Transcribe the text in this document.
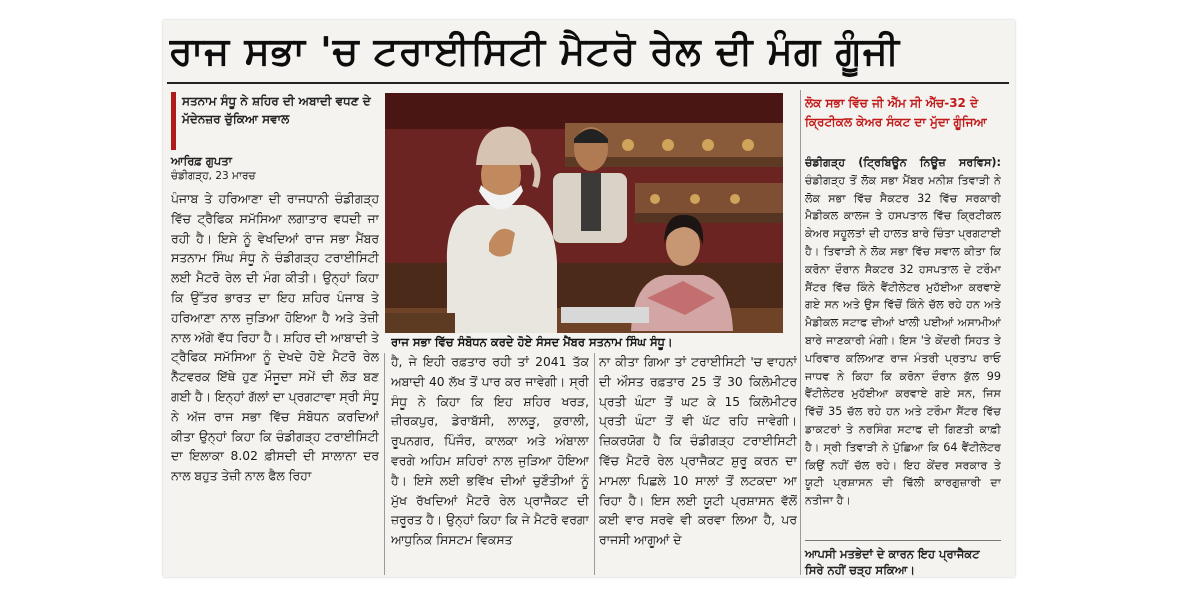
ਰਾਜ ਸਭਾ 'ਚ ਟਰਾਈਸਿਟੀ ਮੈਟਰੋ ਰੇਲ ਦੀ ਮੰਗ ਗੂੰਜੀ
ਸਤਨਾਮ ਸੰਧੂ ਨੇ ਸ਼ਹਿਰ ਦੀ ਅਬਾਦੀ ਵਧਣ ਦੇ ਮੱਦੇਨਜ਼ਰ ਚੁੱਕਿਆ ਸਵਾਲ
ਆਰਿਫ਼ ਗੁਪਤਾ
ਚੰਡੀਗੜ੍ਹ, 23 ਮਾਰਚ
ਪੰਜਾਬ ਤੇ ਹਰਿਆਣਾ ਦੀ ਰਾਜਧਾਨੀ ਚੰਡੀਗੜ੍ਹ ਵਿੱਚ ਟ੍ਰੈਫਿਕ ਸਮੱਸਿਆ ਲਗਾਤਾਰ ਵਧਦੀ ਜਾ ਰਹੀ ਹੈ। ਇਸੇ ਨੂੰ ਵੇਖਦਿਆਂ ਰਾਜ ਸਭਾ ਮੈਂਬਰ ਸਤਨਾਮ ਸਿੰਘ ਸੰਧੂ ਨੇ ਚੰਡੀਗੜ੍ਹ ਟਰਾਈਸਿਟੀ ਲਈ ਮੈਟਰੋ ਰੇਲ ਦੀ ਮੰਗ ਕੀਤੀ। ਉਨ੍ਹਾਂ ਕਿਹਾ ਕਿ ਉੱਤਰ ਭਾਰਤ ਦਾ ਇਹ ਸ਼ਹਿਰ ਪੰਜਾਬ ਤੇ ਹਰਿਆਣਾ ਨਾਲ ਜੁੜਿਆ ਹੋਇਆ ਹੈ ਅਤੇ ਤੇਜ਼ੀ ਨਾਲ ਅੱਗੇ ਵੱਧ ਰਿਹਾ ਹੈ। ਸ਼ਹਿਰ ਦੀ ਆਬਾਦੀ ਤੇ ਟ੍ਰੈਫਿਕ ਸਮੱਸਿਆ ਨੂੰ ਦੇਖਦੇ ਹੋਏ ਮੈਟਰੋ ਰੇਲ ਨੈੱਟਵਰਕ ਇੱਥੇ ਹੁਣ ਮੌਜੂਦਾ ਸਮੇਂ ਦੀ ਲੋੜ ਬਣ ਗਈ ਹੈ। ਇਨ੍ਹਾਂ ਗੱਲਾਂ ਦਾ ਪ੍ਰਗਟਾਵਾ ਸ੍ਰੀ ਸੰਧੂ ਨੇ ਅੱਜ ਰਾਜ ਸਭਾ ਵਿੱਚ ਸੰਬੋਧਨ ਕਰਦਿਆਂ ਕੀਤਾ ਉਨ੍ਹਾਂ ਕਿਹਾ ਕਿ ਚੰਡੀਗੜ੍ਹ ਟਰਾਈਸਿਟੀ ਦਾ ਇਲਾਕਾ 8.02 ਫ਼ੀਸਦੀ ਦੀ ਸਾਲਾਨਾ ਦਰ ਨਾਲ ਬਹੁਤ ਤੇਜ਼ੀ ਨਾਲ ਫੈਲ ਰਿਹਾ
ਰਾਜ ਸਭਾ ਵਿੱਚ ਸੰਬੋਧਨ ਕਰਦੇ ਹੋਏ ਸੰਸਦ ਮੈਂਬਰ ਸਤਨਾਮ ਸਿੰਘ ਸੰਧੂ।
ਹੈ, ਜੇ ਇਹੀ ਰਫ਼ਤਾਰ ਰਹੀ ਤਾਂ 2041 ਤੱਕ ਅਬਾਦੀ 40 ਲੱਖ ਤੋਂ ਪਾਰ ਕਰ ਜਾਵੇਗੀ। ਸ੍ਰੀ ਸੰਧੂ ਨੇ ਕਿਹਾ ਕਿ ਇਹ ਸ਼ਹਿਰ ਖਰੜ, ਜ਼ੀਰਕਪੁਰ, ਡੇਰਾਬੱਸੀ, ਲਾਲੜੂ, ਕੁਰਾਲੀ, ਰੂਪਨਗਰ, ਪਿੰਜੌਰ, ਕਾਲਕਾ ਅਤੇ ਅੰਬਾਲਾ ਵਰਗੇ ਅਹਿਮ ਸ਼ਹਿਰਾਂ ਨਾਲ ਜੁੜਿਆ ਹੋਇਆ ਹੈ। ਇਸੇ ਲਈ ਭਵਿੱਖ ਦੀਆਂ ਚੁਣੌਤੀਆਂ ਨੂੰ ਮੁੱਖ ਰੱਖਦਿਆਂ ਮੈਟਰੋ ਰੇਲ ਪ੍ਰਾਜੈਕਟ ਦੀ ਜ਼ਰੂਰਤ ਹੈ। ਉਨ੍ਹਾਂ ਕਿਹਾ ਕਿ ਜੇ ਮੈਟਰੋ ਵਰਗਾ ਆਧੁਨਿਕ ਸਿਸਟਮ ਵਿਕਸਤ
ਨਾ ਕੀਤਾ ਗਿਆ ਤਾਂ ਟਰਾਈਸਿਟੀ 'ਚ ਵਾਹਨਾਂ ਦੀ ਔਸਤ ਰਫ਼ਤਾਰ 25 ਤੋਂ 30 ਕਿਲੋਮੀਟਰ ਪ੍ਰਤੀ ਘੰਟਾ ਤੋਂ ਘਟ ਕੇ 15 ਕਿਲੋਮੀਟਰ ਪ੍ਰਤੀ ਘੰਟਾ ਤੋਂ ਵੀ ਘੱਟ ਰਹਿ ਜਾਵੇਗੀ। ਜ਼ਿਕਰਯੋਗ ਹੈ ਕਿ ਚੰਡੀਗੜ੍ਹ ਟਰਾਈਸਿਟੀ ਵਿੱਚ ਮੈਟਰੋ ਰੇਲ ਪ੍ਰਾਜੈਕਟ ਸ਼ੁਰੂ ਕਰਨ ਦਾ ਮਾਮਲਾ ਪਿਛਲੇ 10 ਸਾਲਾਂ ਤੋਂ ਲਟਕਦਾ ਆ ਰਿਹਾ ਹੈ। ਇਸ ਲਈ ਯੂਟੀ ਪ੍ਰਸ਼ਾਸਨ ਵੱਲੋਂ ਕਈ ਵਾਰ ਸਰਵੇ ਵੀ ਕਰਵਾ ਲਿਆ ਹੈ, ਪਰ ਰਾਜਸੀ ਆਗੂਆਂ ਦੇ
ਲੋਕ ਸਭਾ ਵਿੱਚ ਜੀ ਐੱਮ ਸੀ ਐੱਚ-32 ਦੇ ਕ੍ਰਿਟੀਕਲ ਕੇਅਰ ਸੰਕਟ ਦਾ ਮੁੱਦਾ ਗੂੰਜਿਆ
ਚੰਡੀਗੜ੍ਹ (ਟ੍ਰਿਬਿਊਨ ਨਿਊਜ਼ ਸਰਵਿਸ): ਚੰਡੀਗੜ੍ਹ ਤੋਂ ਲੋਕ ਸਭਾ ਮੈਂਬਰ ਮਨੀਸ਼ ਤਿਵਾੜੀ ਨੇ ਲੋਕ ਸਭਾ ਵਿੱਚ ਸੈਕਟਰ 32 ਵਿੱਚ ਸਰਕਾਰੀ ਮੈਡੀਕਲ ਕਾਲਜ ਤੇ ਹਸਪਤਾਲ ਵਿੱਚ ਕ੍ਰਿਟੀਕਲ ਕੇਅਰ ਸਹੂਲਤਾਂ ਦੀ ਹਾਲਤ ਬਾਰੇ ਚਿੰਤਾ ਪ੍ਰਗਟਾਈ ਹੈ। ਤਿਵਾੜੀ ਨੇ ਲੋਕ ਸਭਾ ਵਿੱਚ ਸਵਾਲ ਕੀਤਾ ਕਿ ਕਰੋਨਾ ਦੌਰਾਨ ਸੈਕਟਰ 32 ਹਸਪਤਾਲ ਦੇ ਟਰੌਮਾ ਸੈਂਟਰ ਵਿੱਚ ਕਿੰਨੇ ਵੈਂਟੀਲੇਟਰ ਮੁਹੱਈਆ ਕਰਵਾਏ ਗਏ ਸਨ ਅਤੇ ਉਸ ਵਿੱਚੋਂ ਕਿੰਨੇ ਚੱਲ ਰਹੇ ਹਨ ਅਤੇ ਮੈਡੀਕਲ ਸਟਾਫ ਦੀਆਂ ਖਾਲੀ ਪਈਆਂ ਅਸਾਮੀਆਂ ਬਾਰੇ ਜਾਣਕਾਰੀ ਮੰਗੀ। ਇਸ 'ਤੇ ਕੇਂਦਰੀ ਸਿਹਤ ਤੇ ਪਰਿਵਾਰ ਕਲਿਆਣ ਰਾਜ ਮੰਤਰੀ ਪ੍ਰਤਾਪ ਰਾਓ ਜਾਧਵ ਨੇ ਕਿਹਾ ਕਿ ਕਰੋਨਾ ਦੌਰਾਨ ਕੁੱਲ 99 ਵੈਂਟੀਲੇਟਰ ਮੁਹੱਈਆ ਕਰਵਾਏ ਗਏ ਸਨ, ਜਿਸ ਵਿੱਚੋਂ 35 ਚੱਲ ਰਹੇ ਹਨ ਅਤੇ ਟਰੌਮਾ ਸੈਂਟਰ ਵਿੱਚ ਡਾਕਟਰਾਂ ਤੇ ਨਰਸਿੰਗ ਸਟਾਫ ਦੀ ਗਿਣਤੀ ਕਾਫ਼ੀ ਹੈ। ਸ੍ਰੀ ਤਿਵਾੜੀ ਨੇ ਪੁੱਛਿਆ ਕਿ 64 ਵੈਂਟੀਲੇਟਰ ਕਿਉਂ ਨਹੀਂ ਚੱਲ ਰਹੇ। ਇਹ ਕੇਂਦਰ ਸਰਕਾਰ ਤੇ ਯੂਟੀ ਪ੍ਰਸ਼ਾਸਨ ਦੀ ਢਿੱਲੀ ਕਾਰਗੁਜ਼ਾਰੀ ਦਾ ਨਤੀਜਾ ਹੈ।
ਆਪਸੀ ਮਤਭੇਦਾਂ ਦੇ ਕਾਰਨ ਇਹ ਪ੍ਰਾਜੈਕਟ ਸਿਰੇ ਨਹੀਂ ਚੜ੍ਹ ਸਕਿਆ।
